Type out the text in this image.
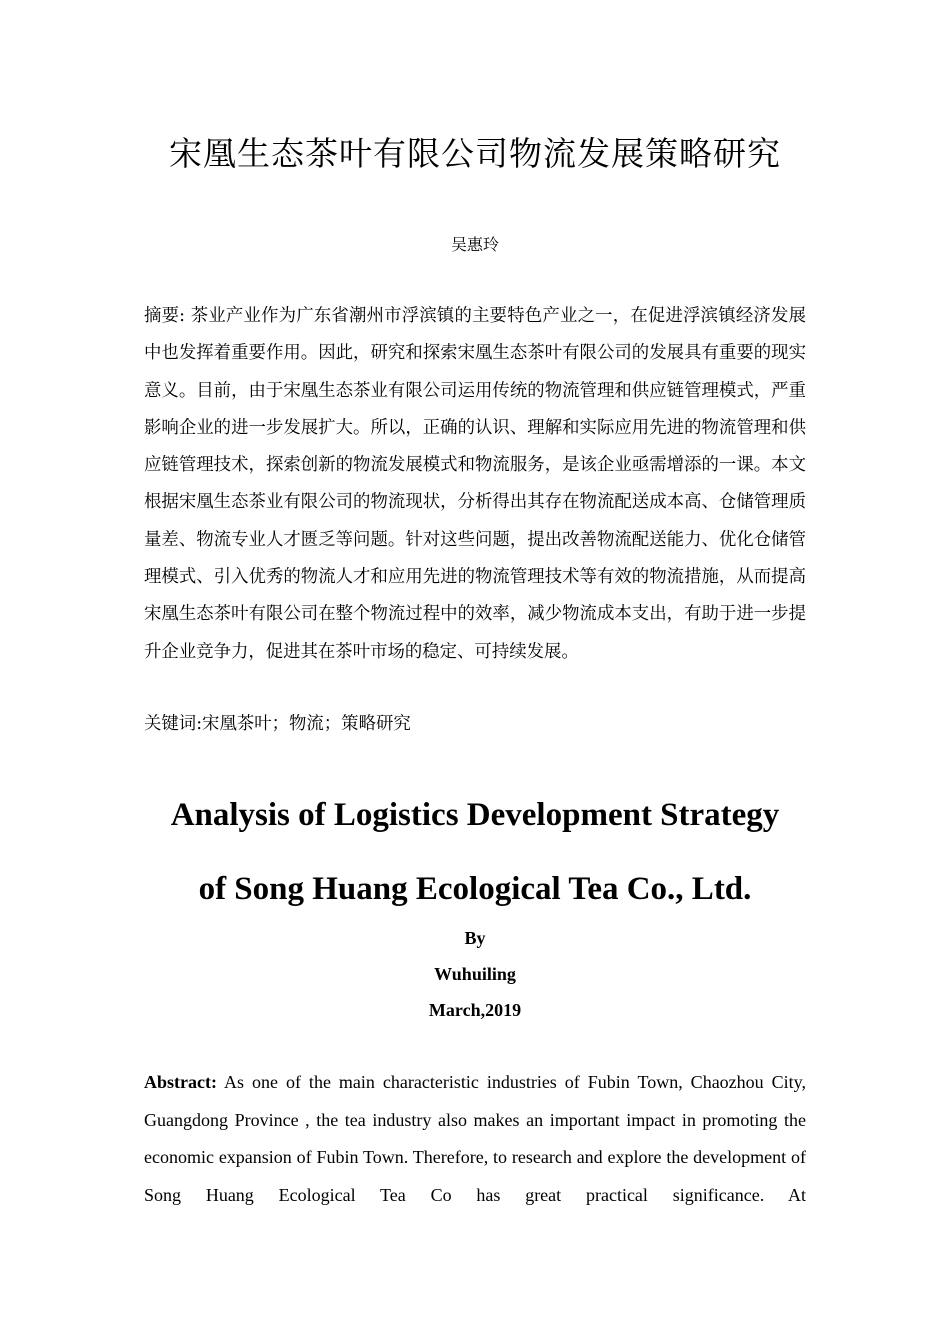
宋凰生态茶叶有限公司物流发展策略研究

吴惠玲

摘要: 茶业产业作为广东省潮州市浮滨镇的主要特色产业之一，在促进浮滨镇经济发展中也发挥着重要作用。因此，研究和探索宋凰生态茶叶有限公司的发展具有重要的现实意义。目前，由于宋凰生态茶业有限公司运用传统的物流管理和供应链管理模式，严重影响企业的进一步发展扩大。所以，正确的认识、理解和实际应用先进的物流管理和供应链管理技术，探索创新的物流发展模式和物流服务，是该企业亟需增添的一课。本文根据宋凰生态茶业有限公司的物流现状，分析得出其存在物流配送成本高、仓储管理质量差、物流专业人才匮乏等问题。针对这些问题，提出改善物流配送能力、优化仓储管理模式、引入优秀的物流人才和应用先进的物流管理技术等有效的物流措施，从而提高宋凰生态茶叶有限公司在整个物流过程中的效率，减少物流成本支出，有助于进一步提升企业竞争力，促进其在茶叶市场的稳定、可持续发展。

关键词:宋凰茶叶；物流；策略研究

Analysis of Logistics Development Strategy
of Song Huang Ecological Tea Co., Ltd.

By

Wuhuiling

March,2019

Abstract: As one of the main characteristic industries of Fubin Town, Chaozhou City, Guangdong Province , the tea industry also makes an important impact in promoting the economic expansion of Fubin Town. Therefore, to research and explore the development of Song Huang Ecological Tea Co has great practical significance. At
